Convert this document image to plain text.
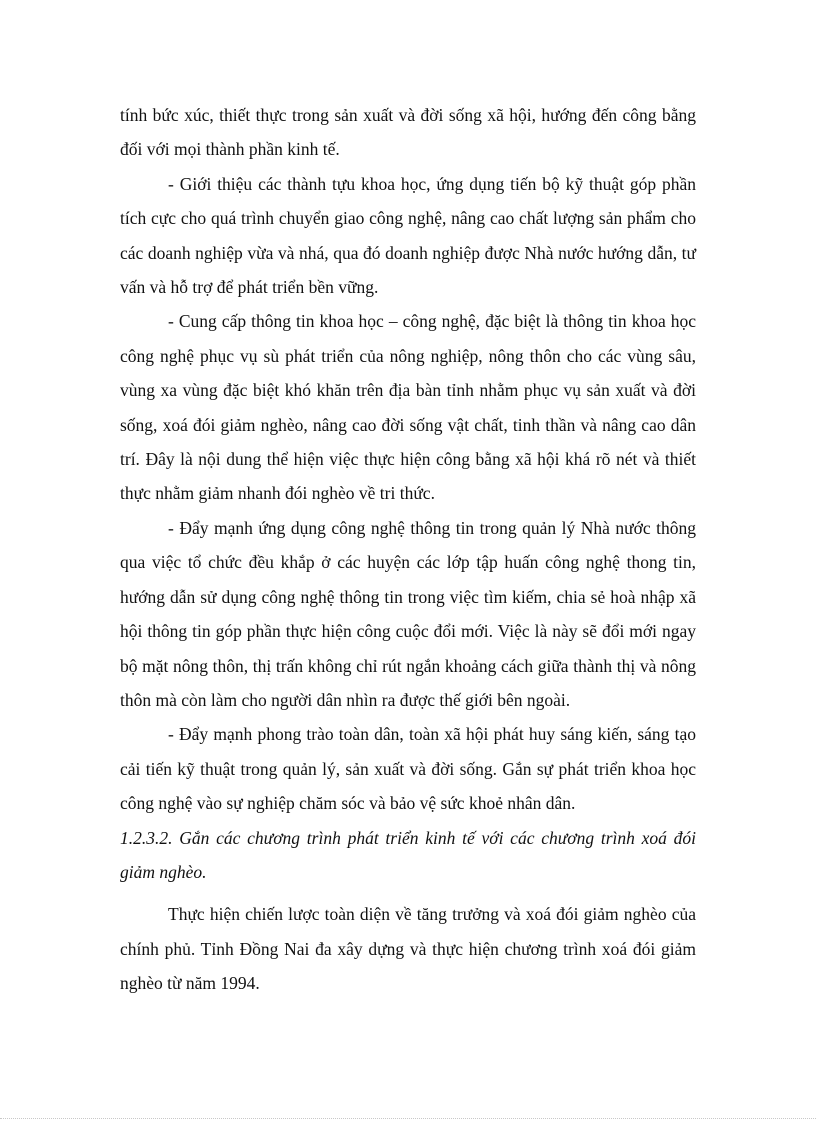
tính bức xúc, thiết thực trong sản xuất và đời sống xã hội, hướng đến công bằng đối với mọi thành phần kinh tế.

- Giới thiệu các thành tựu khoa học, ứng dụng tiến bộ kỹ thuật góp phần tích cực cho quá trình chuyển giao công nghệ, nâng cao chất lượng sản phẩm cho các doanh nghiệp vừa và nhá, qua đó doanh nghiệp được Nhà nước hướng dẫn, tư vấn và hỗ trợ để phát triển bền vững.

- Cung cấp thông tin khoa học – công nghệ, đặc biệt là thông tin khoa học công nghệ phục vụ sù phát triển của nông nghiệp, nông thôn cho các vùng sâu, vùng xa vùng đặc biệt khó khăn trên địa bàn tỉnh nhằm phục vụ sản xuất và đời sống, xoá đói giảm nghèo, nâng cao đời sống vật chất, tinh thần và nâng cao dân trí. Đây là nội dung thể hiện việc thực hiện công bằng xã hội khá rõ nét và thiết thực nhằm giảm nhanh đói nghèo về tri thức.

- Đẩy mạnh ứng dụng công nghệ thông tin trong quản lý Nhà nước thông qua việc tổ chức đều khắp ở các huyện các lớp tập huấn công nghệ thong tin, hướng dẫn sử dụng công nghệ thông tin trong việc tìm kiếm, chia sẻ hoà nhập xã hội thông tin góp phần thực hiện công cuộc đổi mới. Việc là này sẽ đổi mới ngay bộ mặt nông thôn, thị trấn không chỉ rút ngắn khoảng cách giữa thành thị và nông thôn mà còn làm cho người dân nhìn ra được thế giới bên ngoài.

- Đẩy mạnh phong trào toàn dân, toàn xã hội phát huy sáng kiến, sáng tạo cải tiến kỹ thuật trong quản lý, sản xuất và đời sống. Gắn sự phát triển khoa học công nghệ vào sự nghiệp chăm sóc và bảo vệ sức khoẻ nhân dân.

1.2.3.2. Gắn các chương trình phát triển kinh tế với các chương trình xoá đói giảm nghèo.

Thực hiện chiến lược toàn diện về tăng trưởng và xoá đói giảm nghèo của chính phủ. Tỉnh Đồng Nai đa xây dựng và thực hiện chương trình xoá đói giảm nghèo từ năm 1994.
